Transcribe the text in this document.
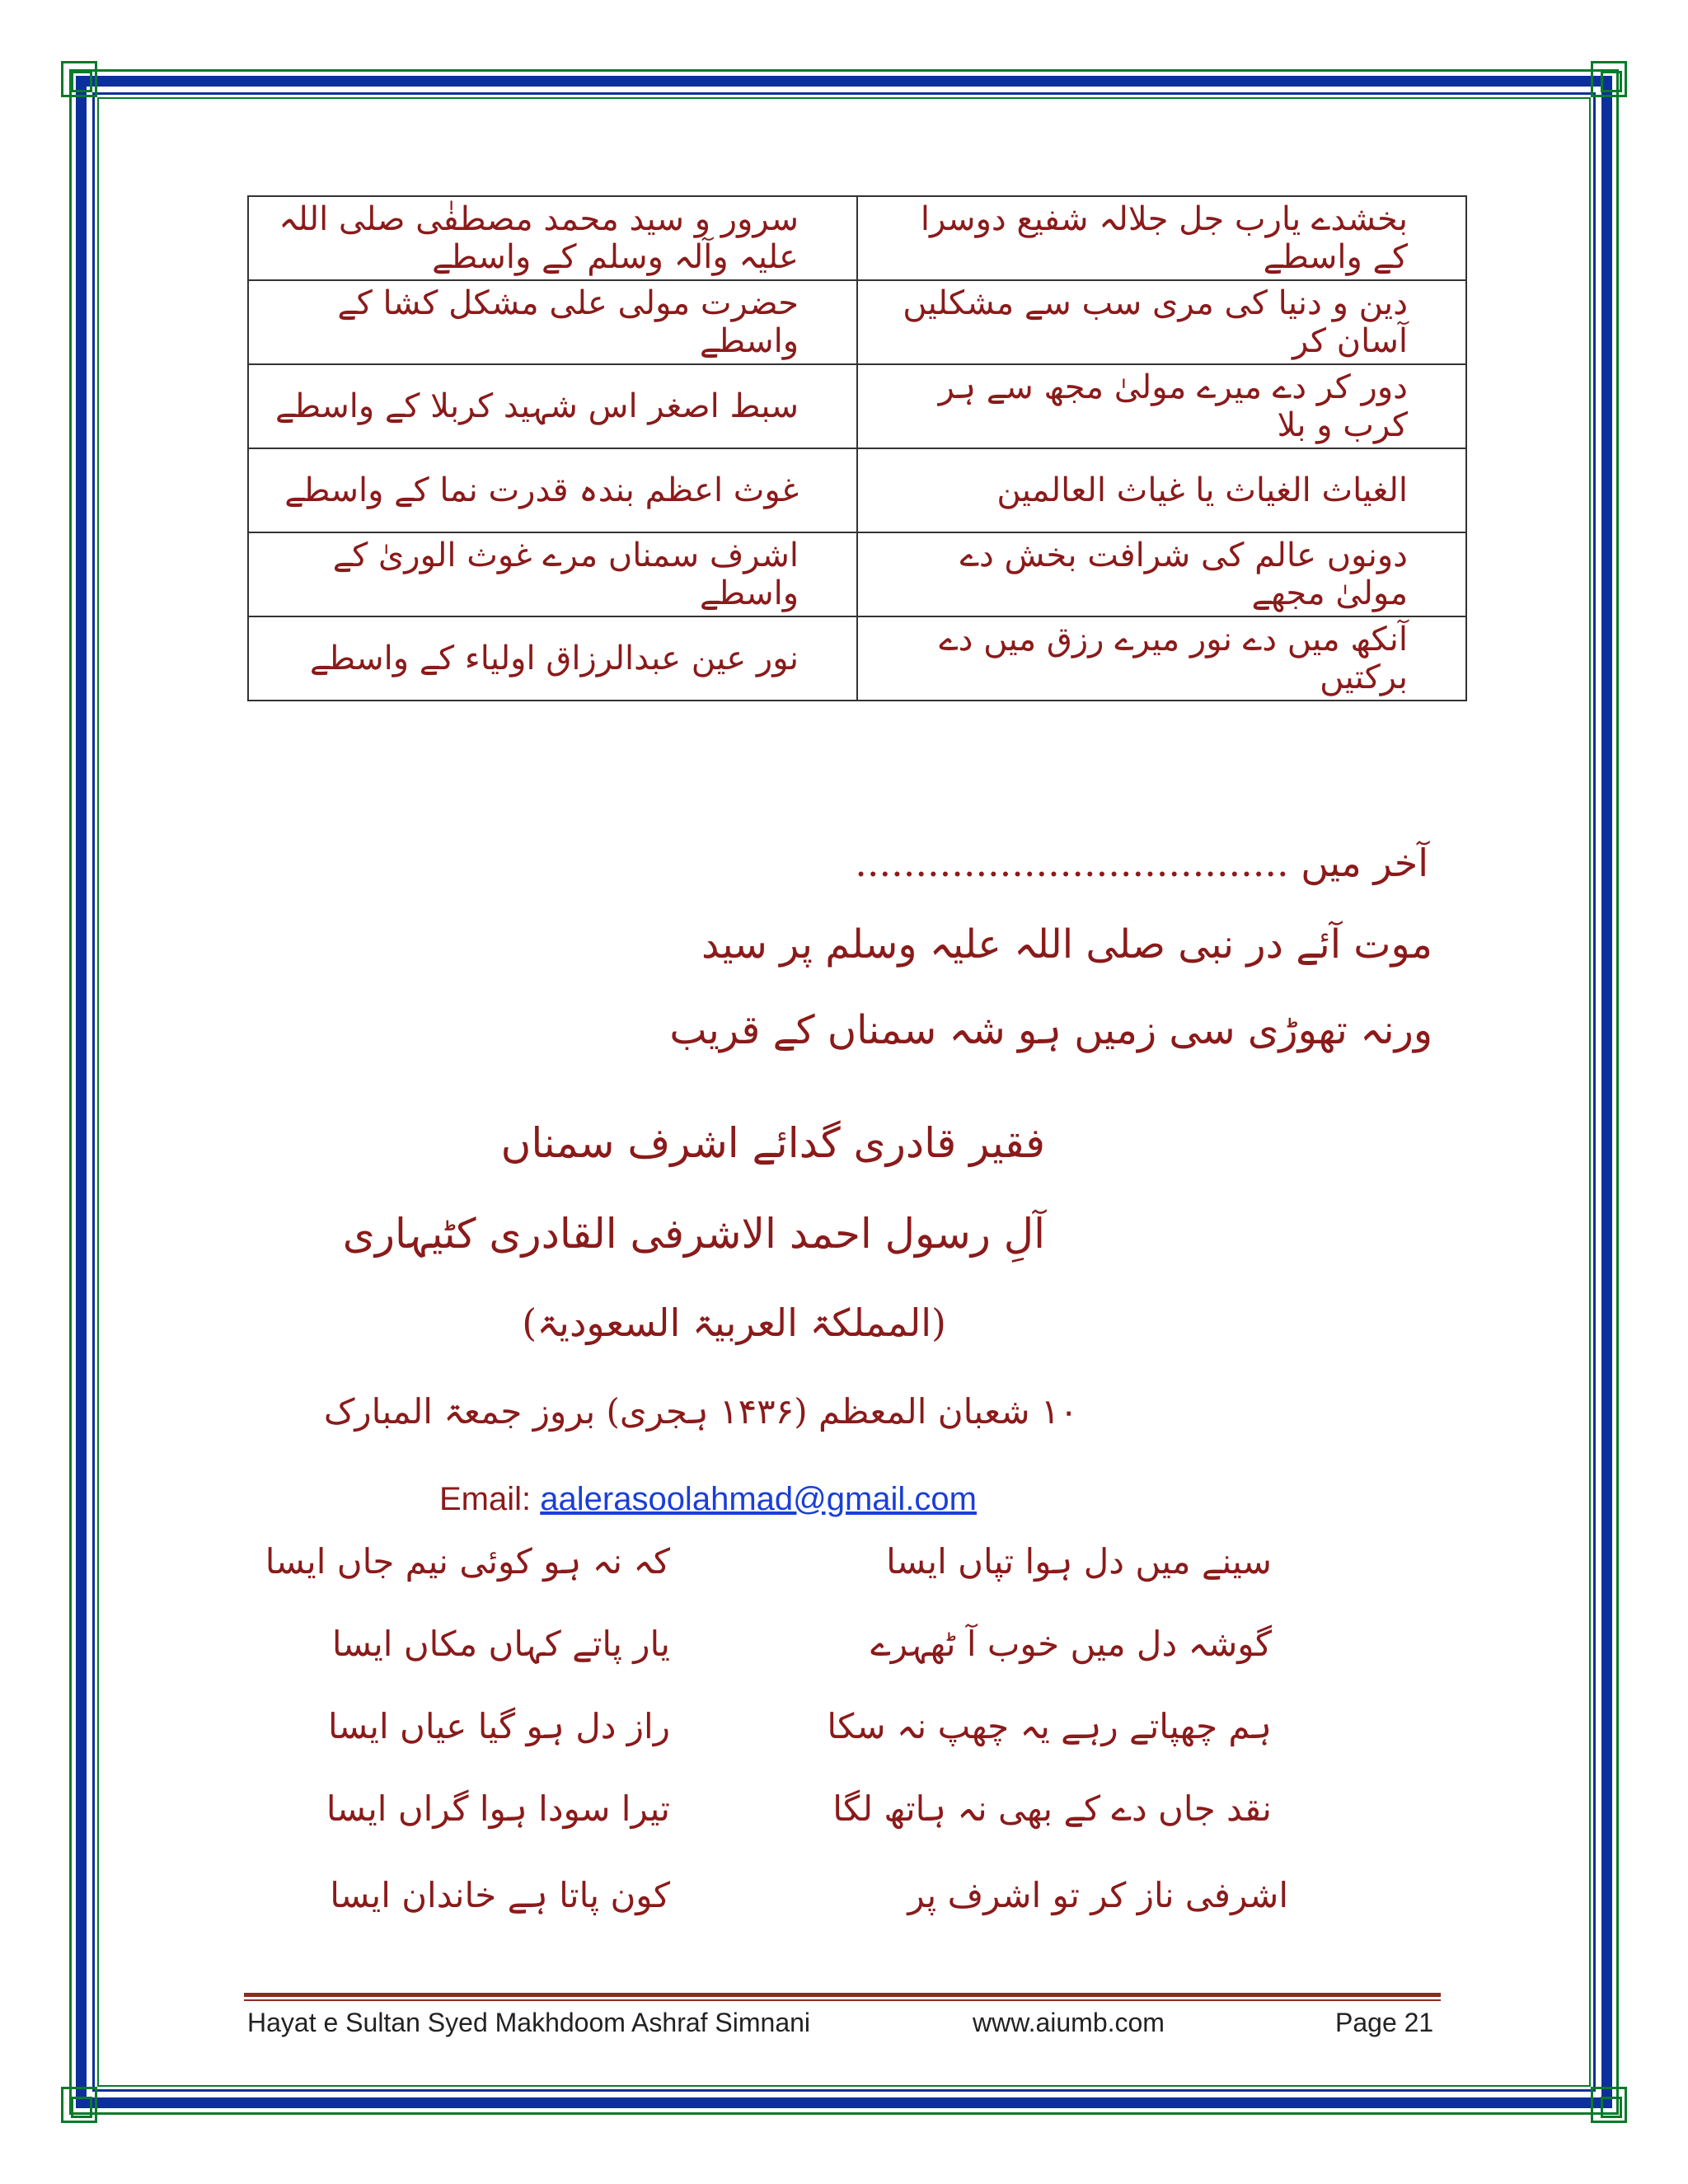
سرور و سید محمد مصطفٰی صلی اللہ علیہ وآلہ وسلم کے واسطے	بخشدے یارب جل جلالہ شفیع دوسرا کے واسطے
حضرت مولی علی مشکل کشا کے واسطے	دین و دنیا کی مری سب سے مشکلیں آسان کر
سبط اصغر اس شہید کربلا کے واسطے	دور کر دے میرے مولیٰ مجھ سے ہر کرب و بلا
غوث اعظم بندہ قدرت نما کے واسطے	الغیاث الغیاث یا غیاث العالمین
اشرف سمناں مرے غوث الوریٰ کے واسطے	دونوں عالم کی شرافت بخش دے مولیٰ مجھے
نور عین عبدالرزاق اولیاء کے واسطے	آنکھ میں دے نور میرے رزق میں دے برکتیں
آخر میں ....................................
موت آئے در نبی صلی اللہ علیہ وسلم پر سید
ورنہ تھوڑی سی زمیں ہو شہ سمناں کے قریب
فقیر قادری گدائے اشرف سمناں
آلِ رسول احمد الاشرفی القادری کٹیہاری
(المملکۃ العربیۃ السعودیۃ)
۱۰ شعبان المعظم (۱۴۳۶ ہجری) بروز جمعۃ المبارک
Email: aalerasoolahmad@gmail.com
سینے میں دل ہوا تپاں ایسا
کہ نہ ہو کوئی نیم جاں ایسا
گوشہ دل میں خوب آ ٹھہرے
یار پاتے کہاں مکاں ایسا
ہم چھپاتے رہے یہ چھپ نہ سکا
راز دل ہو گیا عیاں ایسا
نقد جاں دے کے بھی نہ ہاتھ لگا
تیرا سودا ہوا گراں ایسا
اشرفی ناز کر تو اشرف پر
کون پاتا ہے خاندان ایسا
Hayat e Sultan Syed Makhdoom Ashraf Simnani	www.aiumb.com	Page 21
